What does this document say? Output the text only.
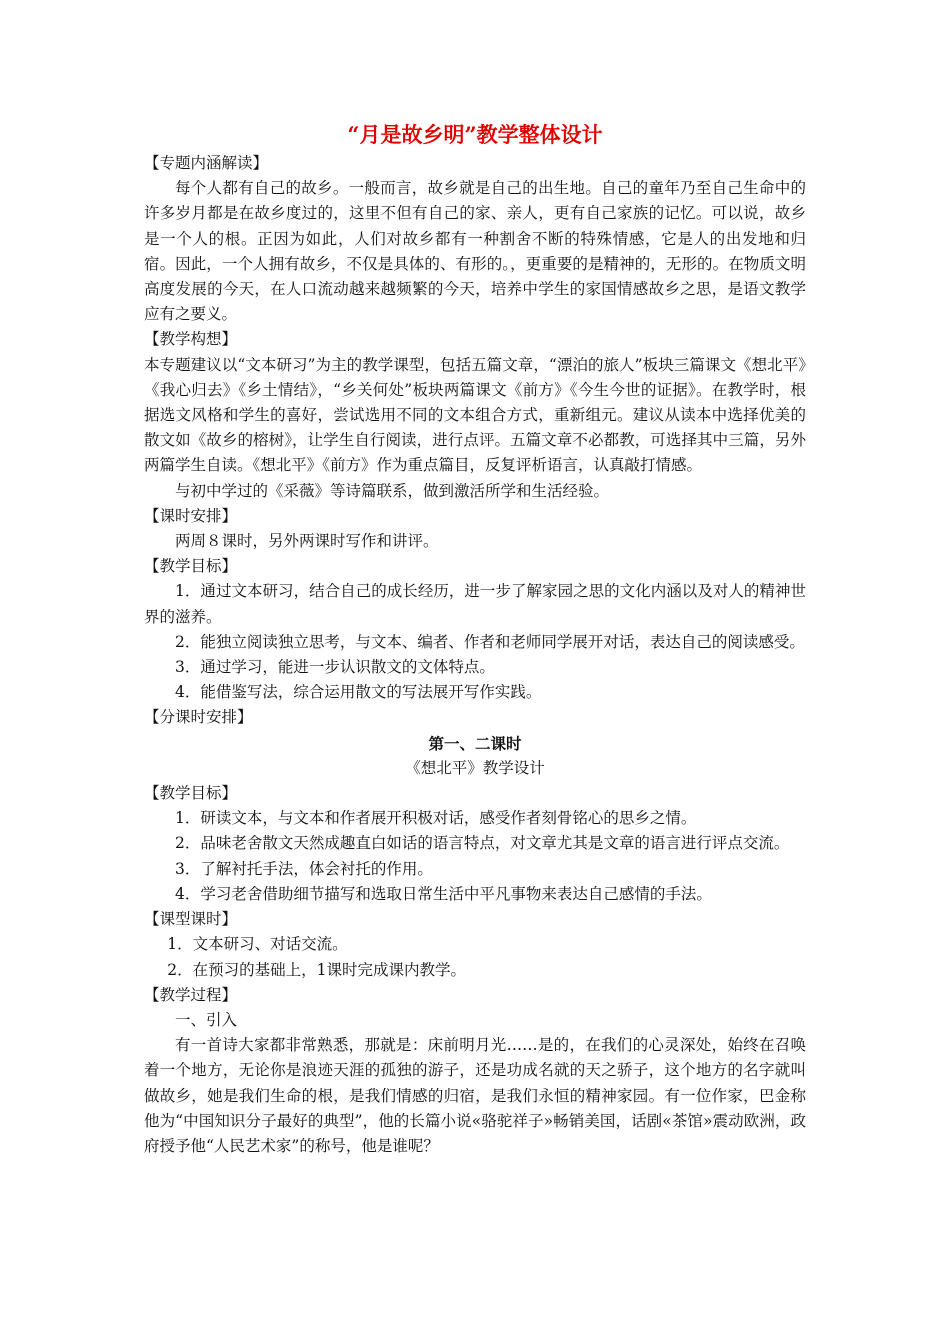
“月是故乡明”教学整体设计

【专题内涵解读】

每个人都有自己的故乡。一般而言，故乡就是自己的出生地。自己的童年乃至自己生命中的许多岁月都是在故乡度过的，这里不但有自己的家、亲人，更有自己家族的记忆。可以说，故乡是一个人的根。正因为如此，人们对故乡都有一种割舍不断的特殊情感，它是人的出发地和归宿。因此，一个人拥有故乡，不仅是具体的、有形的。，更重要的是精神的，无形的。在物质文明高度发展的今天，在人口流动越来越频繁的今天，培养中学生的家国情感故乡之思，是语文教学应有之要义。

【教学构想】

本专题建议以“文本研习”为主的教学课型，包括五篇文章，“漂泊的旅人”板块三篇课文《想北平》《我心归去》《乡土情结》，“乡关何处”板块两篇课文《前方》《今生今世的证据》。在教学时，根据选文风格和学生的喜好，尝试选用不同的文本组合方式，重新组元。建议从读本中选择优美的散文如《故乡的榕树》，让学生自行阅读，进行点评。五篇文章不必都教，可选择其中三篇，另外两篇学生自读。《想北平》《前方》作为重点篇目，反复评析语言，认真敲打情感。

与初中学过的《采薇》等诗篇联系，做到激活所学和生活经验。

【课时安排】

两周８课时，另外两课时写作和讲评。

【教学目标】

1．通过文本研习，结合自己的成长经历，进一步了解家园之思的文化内涵以及对人的精神世界的滋养。

2．能独立阅读独立思考，与文本、编者、作者和老师同学展开对话，表达自己的阅读感受。

3．通过学习，能进一步认识散文的文体特点。

4．能借鉴写法，综合运用散文的写法展开写作实践。

【分课时安排】

第一、二课时

《想北平》教学设计

【教学目标】

1．研读文本，与文本和作者展开积极对话，感受作者刻骨铭心的思乡之情。

2．品味老舍散文天然成趣直白如话的语言特点，对文章尤其是文章的语言进行评点交流。

3．了解衬托手法，体会衬托的作用。

4．学习老舍借助细节描写和选取日常生活中平凡事物来表达自己感情的手法。

【课型课时】

1．文本研习、对话交流。

2．在预习的基础上，1课时完成课内教学。

【教学过程】

一、引入

有一首诗大家都非常熟悉，那就是：床前明月光……是的，在我们的心灵深处，始终在召唤着一个地方，无论你是浪迹天涯的孤独的游子，还是功成名就的天之骄子，这个地方的名字就叫做故乡，她是我们生命的根，是我们情感的归宿，是我们永恒的精神家园。有一位作家，巴金称他为“中国知识分子最好的典型”，他的长篇小说«骆驼祥子»畅销美国，话剧«茶馆»震动欧洲，政府授予他“人民艺术家”的称号，他是谁呢？
